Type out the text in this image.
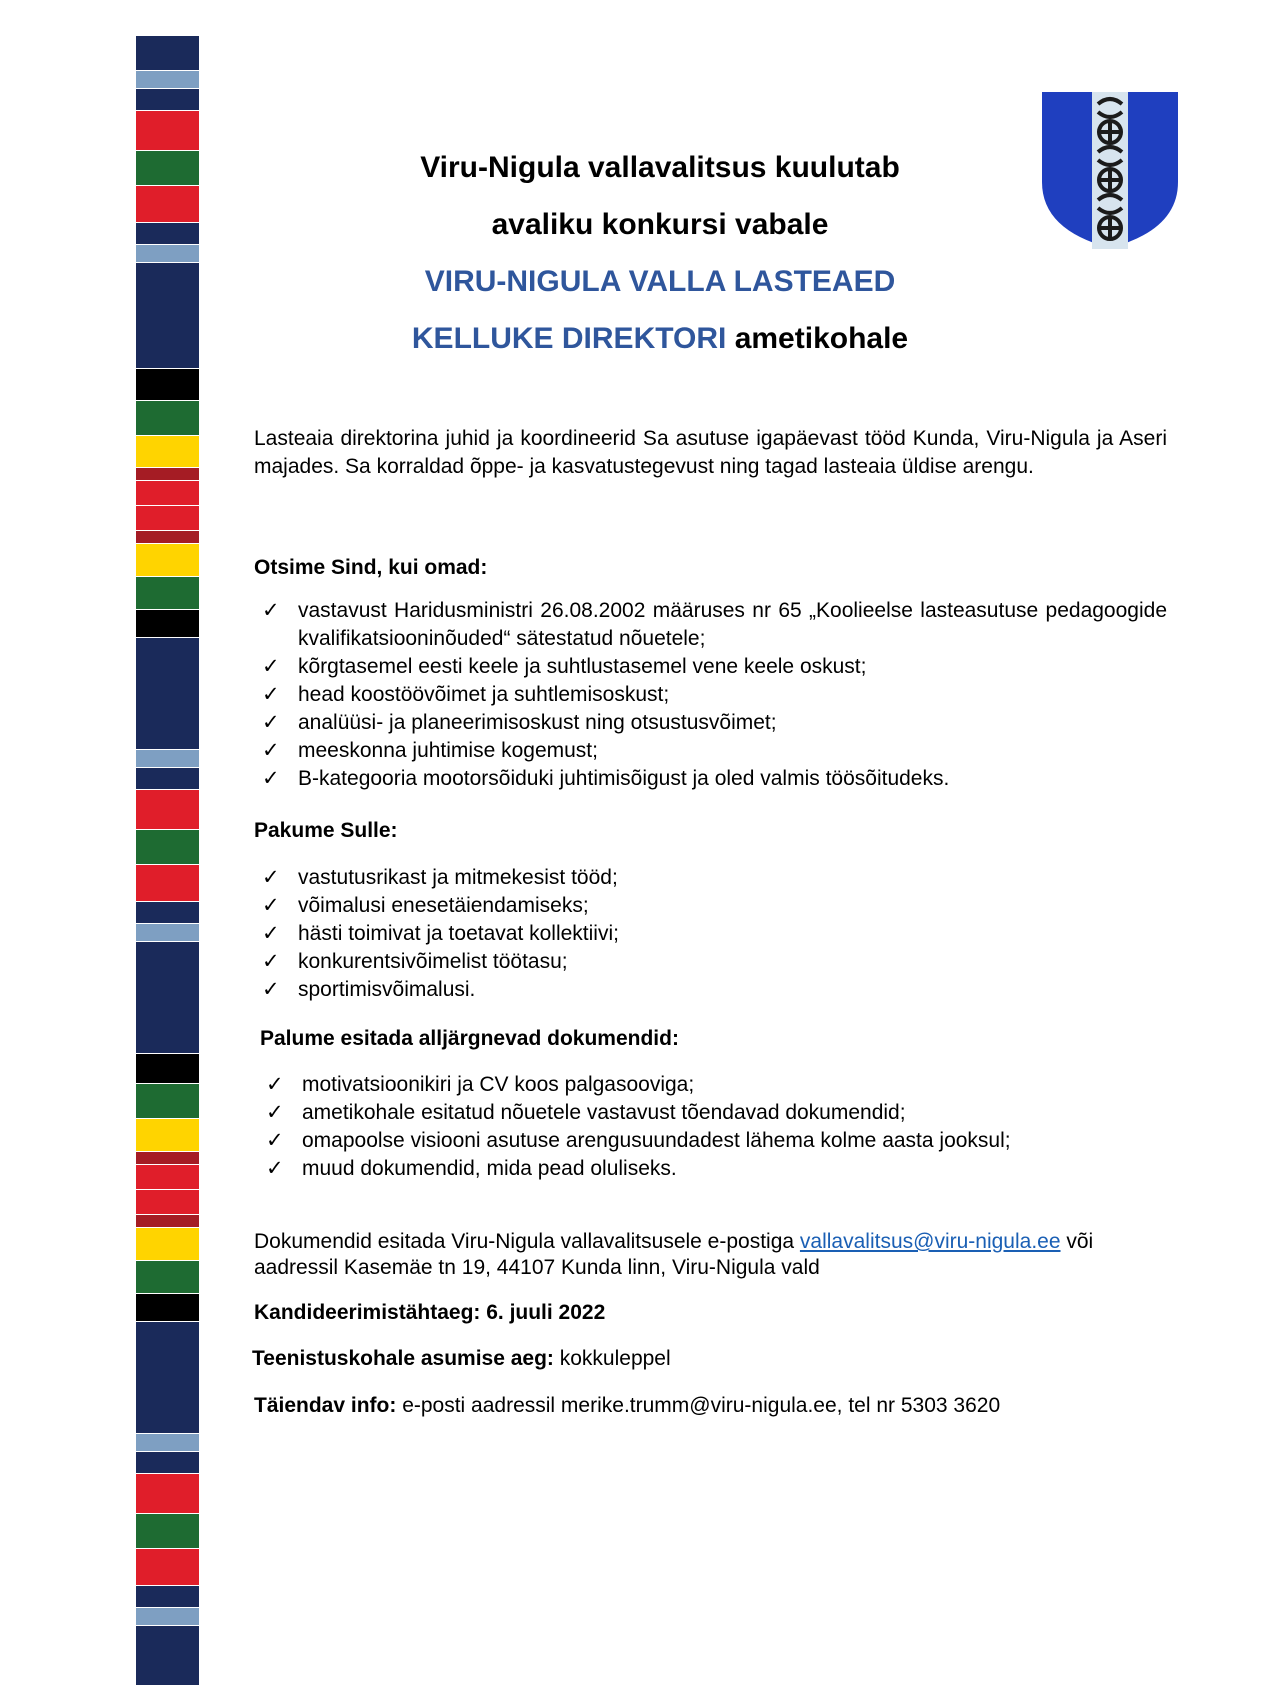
Viru-Nigula vallavalitsus kuulutab
avaliku konkursi vabale
VIRU-NIGULA VALLA LASTEAED
KELLUKE DIREKTORI ametikohale
Lasteaia direktorina juhid ja koordineerid Sa asutuse igapäevast tööd Kunda, Viru-Nigula ja Aseri majades. Sa korraldad õppe- ja kasvatustegevust ning tagad lasteaia üldise arengu.
Otsime Sind, kui omad:
✓ vastavust Haridusministri 26.08.2002 määruses nr 65 „Koolieelse lasteasutuse pedagoogide kvalifikatsiooninõuded“ sätestatud nõuetele;
✓ kõrgtasemel eesti keele ja suhtlustasemel vene keele oskust;
✓ head koostöövõimet ja suhtlemisoskust;
✓ analüüsi- ja planeerimisoskust ning otsustusvõimet;
✓ meeskonna juhtimise kogemust;
✓ B-kategooria mootorsõiduki juhtimisõigust ja oled valmis töösõitudeks.
Pakume Sulle:
✓ vastutusrikast ja mitmekesist tööd;
✓ võimalusi enesetäiendamiseks;
✓ hästi toimivat ja toetavat kollektiivi;
✓ konkurentsivõimelist töötasu;
✓ sportimisvõimalusi.
Palume esitada alljärgnevad dokumendid:
✓ motivatsioonikiri ja CV koos palgasooviga;
✓ ametikohale esitatud nõuetele vastavust tõendavad dokumendid;
✓ omapoolse visiooni asutuse arengusuundadest lähema kolme aasta jooksul;
✓ muud dokumendid, mida pead oluliseks.
Dokumendid esitada Viru-Nigula vallavalitsusele e-postiga vallavalitsus@viru-nigula.ee või
aadressil Kasemäe tn 19, 44107 Kunda linn, Viru-Nigula vald
Kandideerimistähtaeg: 6. juuli 2022
Teenistuskohale asumise aeg: kokkuleppel
Täiendav info: e-posti aadressil merike.trumm@viru-nigula.ee, tel nr 5303 3620
